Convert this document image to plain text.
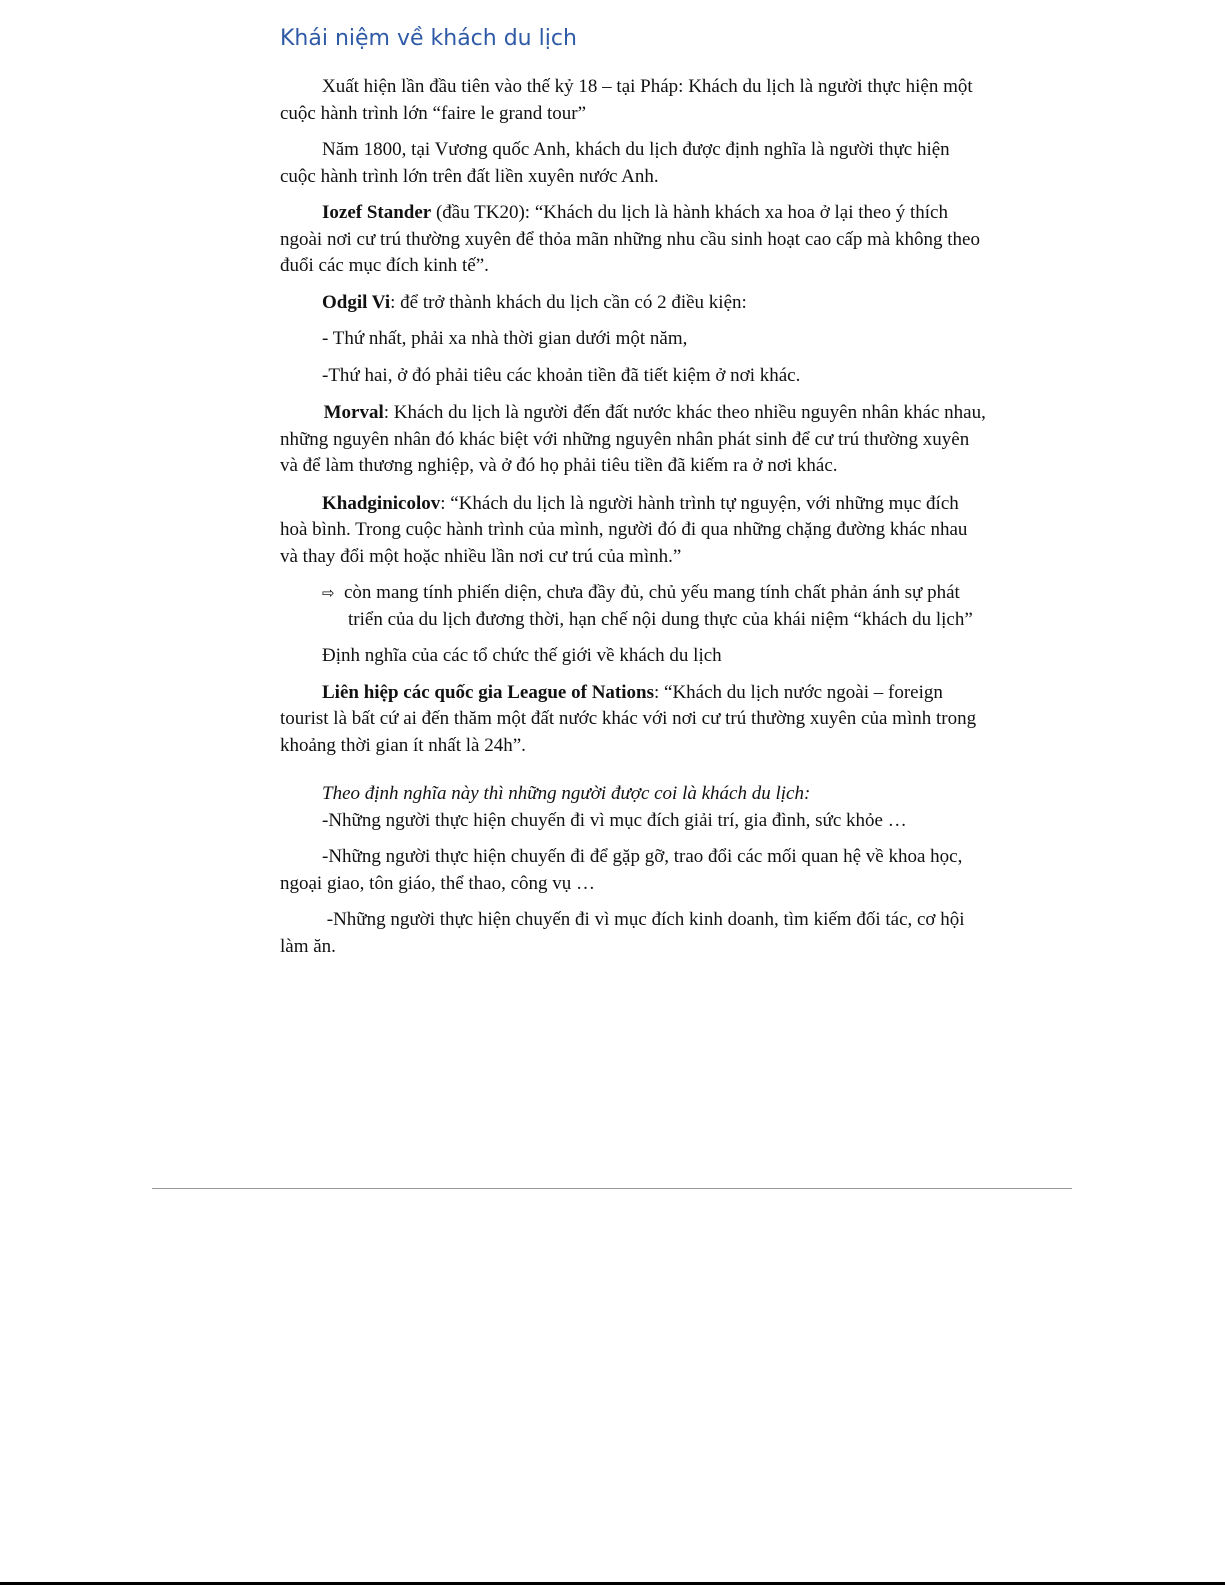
Khái niệm về khách du lịch

Xuất hiện lần đầu tiên vào thế kỷ 18 – tại Pháp: Khách du lịch là người thực hiện một cuộc hành trình lớn “faire le grand tour”

Năm 1800, tại Vương quốc Anh, khách du lịch được định nghĩa là người thực hiện cuộc hành trình lớn trên đất liền xuyên nước Anh.

Iozef Stander (đầu TK20): “Khách du lịch là hành khách xa hoa ở lại theo ý thích ngoài nơi cư trú thường xuyên để thỏa mãn những nhu cầu sinh hoạt cao cấp mà không theo đuổi các mục đích kinh tế”.

Odgil Vi: để trở thành khách du lịch cần có 2 điều kiện:

- Thứ nhất, phải xa nhà thời gian dưới một năm,

-Thứ hai, ở đó phải tiêu các khoản tiền đã tiết kiệm ở nơi khác.

 Morval: Khách du lịch là người đến đất nước khác theo nhiều nguyên nhân khác nhau, những nguyên nhân đó khác biệt với những nguyên nhân phát sinh để cư trú thường xuyên và để làm thương nghiệp, và ở đó họ phải tiêu tiền đã kiếm ra ở nơi khác.

Khadginicolov: “Khách du lịch là người hành trình tự nguyện, với những mục đích hoà bình. Trong cuộc hành trình của mình, người đó đi qua những chặng đường khác nhau và thay đổi một hoặc nhiều lần nơi cư trú của mình.”

⇨ còn mang tính phiến diện, chưa đầy đủ, chủ yếu mang tính chất phản ánh sự phát triển của du lịch đương thời, hạn chế nội dung thực của khái niệm “khách du lịch”

Định nghĩa của các tổ chức thế giới về khách du lịch

Liên hiệp các quốc gia League of Nations: “Khách du lịch nước ngoài – foreign tourist là bất cứ ai đến thăm một đất nước khác với nơi cư trú thường xuyên của mình trong khoảng thời gian ít nhất là 24h”.

Theo định nghĩa này thì những người được coi là khách du lịch:

-Những người thực hiện chuyến đi vì mục đích giải trí, gia đình, sức khỏe …

-Những người thực hiện chuyến đi để gặp gỡ, trao đổi các mối quan hệ về khoa học, ngoại giao, tôn giáo, thể thao, công vụ …

-Những người thực hiện chuyến đi vì mục đích kinh doanh, tìm kiếm đối tác, cơ hội làm ăn.
